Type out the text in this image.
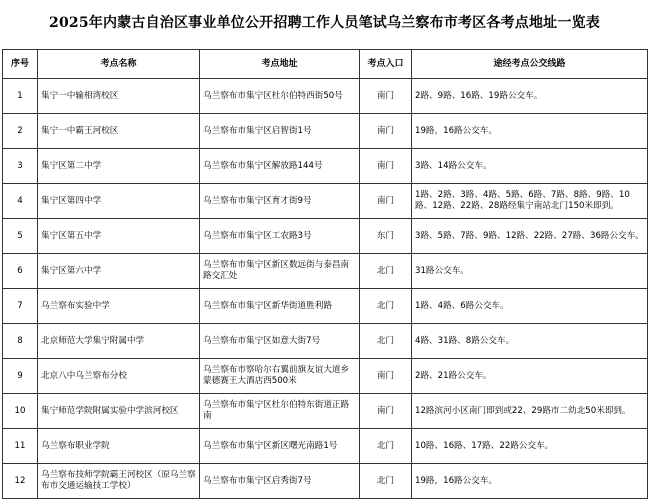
2025年内蒙古自治区事业单位公开招聘工作人员笔试乌兰察布市考区各考点地址一览表
序号	考点名称	考点地址	考点入口	途经考点公交线路
1	集宁一中输相湾校区	乌兰察布市集宁区杜尔伯特西街50号	南门	2路、9路、16路、19路公交车。
2	集宁一中霸王河校区	乌兰察布市集宁区启智街1号	南门	19路，16路公交车。
3	集宁区第二中学	乌兰察布市集宁区解放路144号	南门	3路、14路公交车。
4	集宁区第四中学	乌兰察布市集宁区育才街9号	南门	1路、2路、3路、4路、5路、6路、7路、8路、9路、10路、12路、22路、28路经集宁南站北门150米即到。
5	集宁区第五中学	乌兰察布市集宁区工农路3号	东门	3路、5路、7路、9路、12路、22路、27路、36路公交车。
6	集宁区第六中学	乌兰察布市集宁区新区数远街与泰昌南路交汇处	北门	31路公交车。
7	乌兰察布实验中学	乌兰察布市集宁区新华街道胜利路	北门	1路、4路、6路公交车。
8	北京师范大学集宁附属中学	乌兰察布市集宁区如意大街7号	北门	4路、31路、8路公交车。
9	北京八中乌兰察布分校	乌兰察布市察哈尔右翼前旗友谊大道乡蒙德赛王大酒店西500米	南门	2路、21路公交车。
10	集宁师范学院附属实验中学滨河校区	乌兰察布市集宁区杜尔伯特东街道正路南	南门	12路滨河小区南门即到或22、29路市二幼北50米即到。
11	乌兰察布职业学院	乌兰察布市集宁区新区曙光南路1号	北门	10路、16路、17路、22路公交车。
12	乌兰察布技师学院霸王河校区（原乌兰察布市交通运输技工学校）	乌兰察布市集宁区启秀街7号	北门	19路，16路公交车。
